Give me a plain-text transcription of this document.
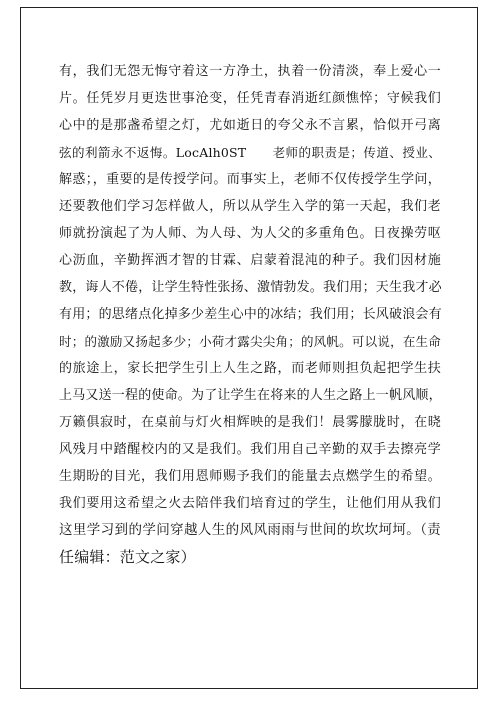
有，我们无怨无悔守着这一方净土，执着一份清淡，奉上爱心一
片。任凭岁月更迭世事沧变，任凭青春消逝红颜憔悴；守候我们
心中的是那盏希望之灯，尤如逝日的夸父永不言累，恰似开弓离
弦的利箭永不返悔。LocAlh0ST　　老师的职责是；传道、授业、
解惑；，重要的是传授学问。而事实上，老师不仅传授学生学问，
还要教他们学习怎样做人，所以从学生入学的第一天起，我们老
师就扮演起了为人师、为人母、为人父的多重角色。日夜操劳呕
心沥血，辛勤挥洒才智的甘霖、启蒙着混沌的种子。我们因材施
教，诲人不倦，让学生特性张扬、激情勃发。我们用；天生我才必
有用；的思绪点化掉多少差生心中的冰结；我们用；长风破浪会有
时；的激励又扬起多少；小荷才露尖尖角；的风帆。可以说，在生命
的旅途上，家长把学生引上人生之路，而老师则担负起把学生扶
上马又送一程的使命。为了让学生在将来的人生之路上一帆风顺，
万籁俱寂时，在桌前与灯火相辉映的是我们！晨雾朦胧时，在晓
风残月中踏醒校内的又是我们。我们用自己辛勤的双手去擦亮学
生期盼的目光，我们用恩师赐予我们的能量去点燃学生的希望。
我们要用这希望之火去陪伴我们培育过的学生，让他们用从我们
这里学习到的学问穿越人生的风风雨雨与世间的坎坎坷坷。（责
任编辑：范文之家）
